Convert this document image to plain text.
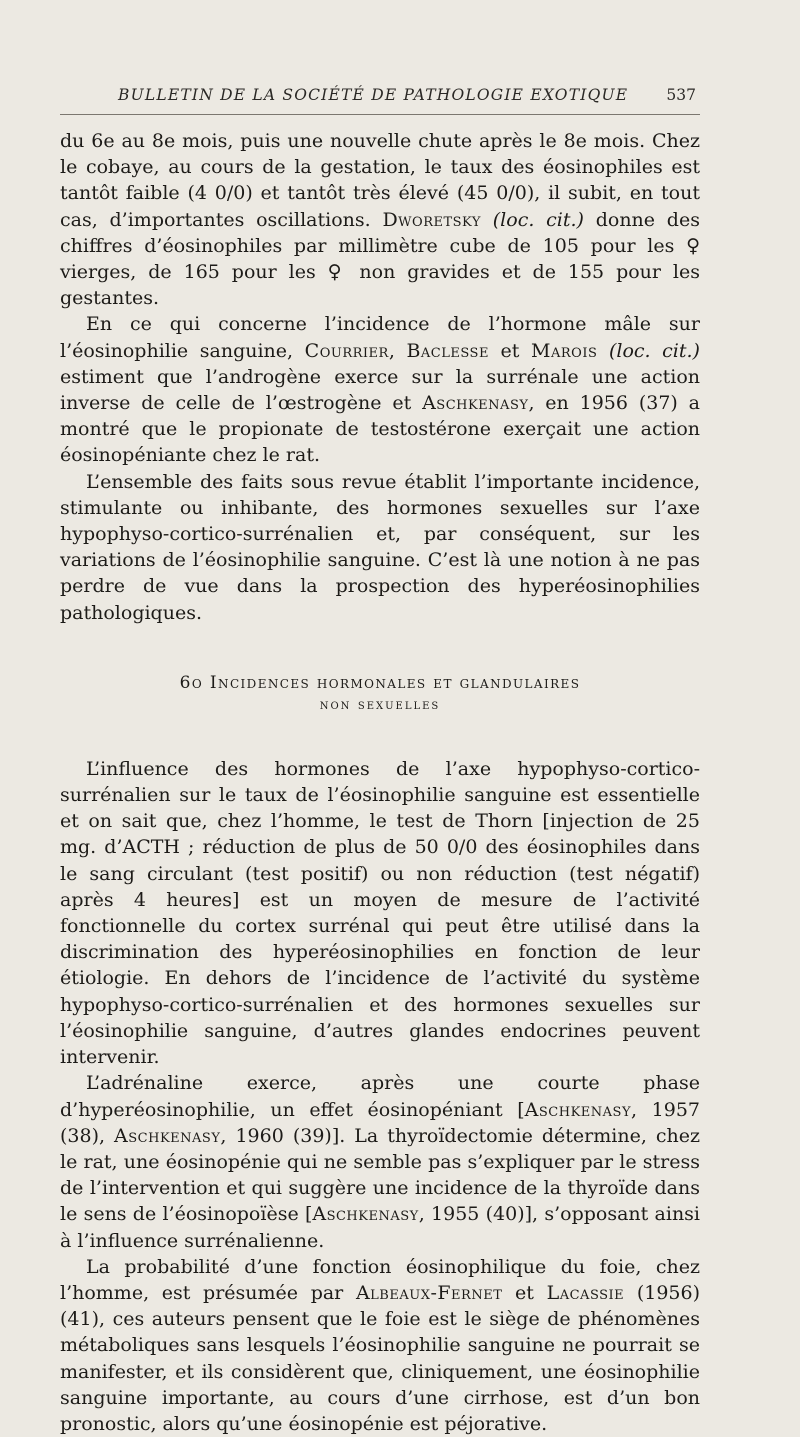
BULLETIN DE LA SOCIÉTÉ DE PATHOLOGIE EXOTIQUE 537

du 6e au 8e mois, puis une nouvelle chute après le 8e mois. Chez le cobaye, au cours de la gestation, le taux des éosinophiles est tantôt faible (4 0/0) et tantôt très élevé (45 0/0), il subit, en tout cas, d’importantes oscillations. Dworetsky (loc. cit.) donne des chiffres d’éosinophiles par millimètre cube de 105 pour les ♀ vierges, de 165 pour les ♀ non gravides et de 155 pour les gestantes.

En ce qui concerne l’incidence de l’hormone mâle sur l’éosinophilie sanguine, Courrier, Baclesse et Marois (loc. cit.) estiment que l’androgène exerce sur la surrénale une action inverse de celle de l’œstrogène et Aschkenasy, en 1956 (37) a montré que le propionate de testostérone exerçait une action éosinopéniante chez le rat.

L’ensemble des faits sous revue établit l’importante incidence, stimulante ou inhibante, des hormones sexuelles sur l’axe hypophyso-cortico-surrénalien et, par conséquent, sur les variations de l’éosinophilie sanguine. C’est là une notion à ne pas perdre de vue dans la prospection des hyperéosinophilies pathologiques.

6o Incidences hormonales et glandulaires
non sexuelles

L’influence des hormones de l’axe hypophyso-cortico-surrénalien sur le taux de l’éosinophilie sanguine est essentielle et on sait que, chez l’homme, le test de Thorn [injection de 25 mg. d’ACTH ; réduction de plus de 50 0/0 des éosinophiles dans le sang circulant (test positif) ou non réduction (test négatif) après 4 heures] est un moyen de mesure de l’activité fonctionnelle du cortex surrénal qui peut être utilisé dans la discrimination des hyperéosinophilies en fonction de leur étiologie. En dehors de l’incidence de l’activité du système hypophyso-cortico-surrénalien et des hormones sexuelles sur l’éosinophilie sanguine, d’autres glandes endocrines peuvent intervenir.

L’adrénaline exerce, après une courte phase d’hyperéosinophilie, un effet éosinopéniant [Aschkenasy, 1957 (38), Aschkenasy, 1960 (39)]. La thyroïdectomie détermine, chez le rat, une éosinopénie qui ne semble pas s’expliquer par le stress de l’intervention et qui suggère une incidence de la thyroïde dans le sens de l’éosinopoïèse [Aschkenasy, 1955 (40)], s’opposant ainsi à l’influence surrénalienne.

La probabilité d’une fonction éosinophilique du foie, chez l’homme, est présumée par Albeaux-Fernet et Lacassie (1956) (41), ces auteurs pensent que le foie est le siège de phénomènes métaboliques sans lesquels l’éosinophilie sanguine ne pourrait se manifester, et ils considèrent que, cliniquement, une éosinophilie sanguine importante, au cours d’une cirrhose, est d’un bon pronostic, alors qu’une éosinopénie est péjorative.
